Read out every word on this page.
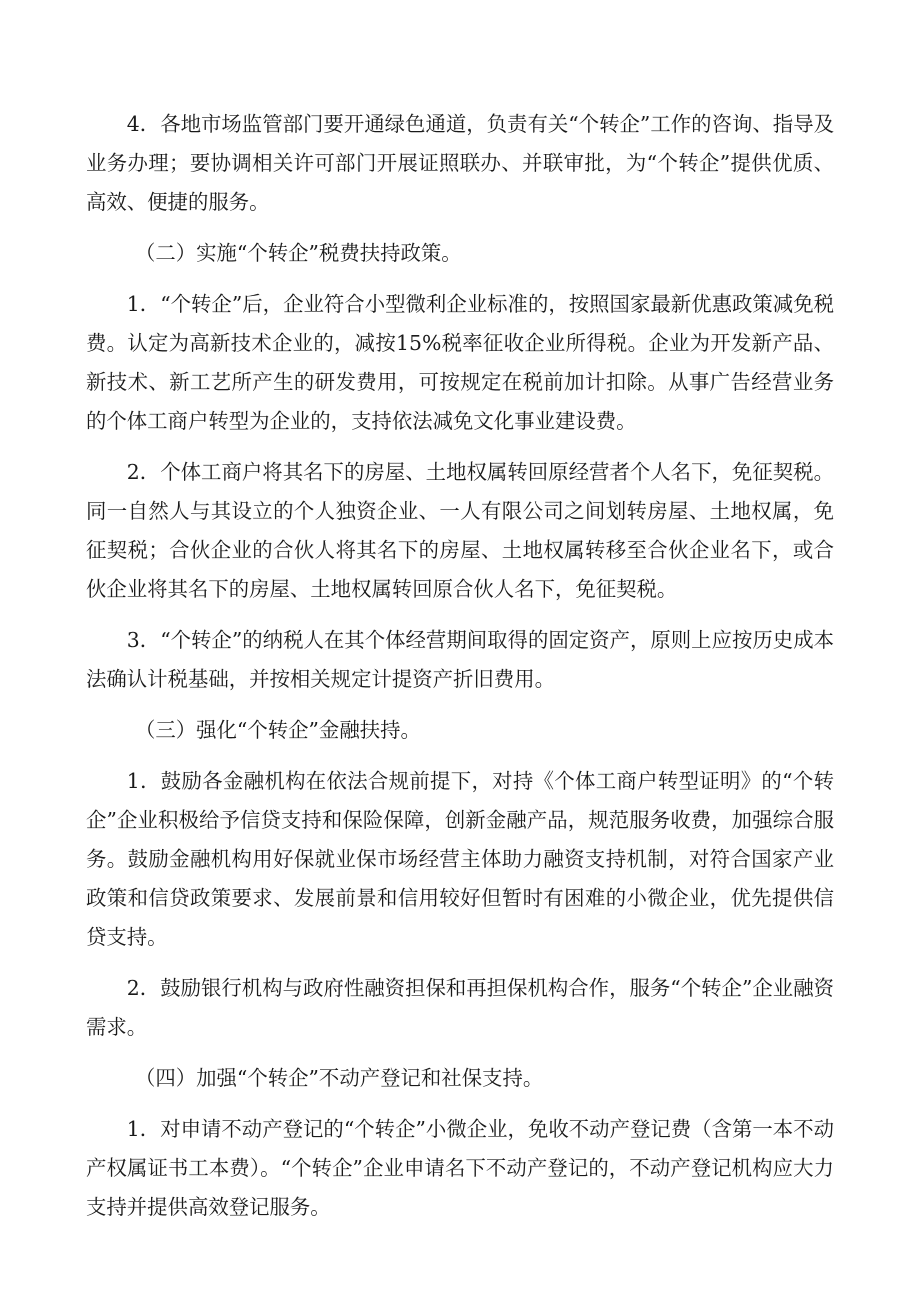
4．各地市场监管部门要开通绿色通道，负责有关“个转企”工作的咨询、指导及业务办理；要协调相关许可部门开展证照联办、并联审批，为“个转企”提供优质、高效、便捷的服务。

（二）实施“个转企”税费扶持政策。

1．“个转企”后，企业符合小型微利企业标准的，按照国家最新优惠政策减免税费。认定为高新技术企业的，减按15%税率征收企业所得税。企业为开发新产品、新技术、新工艺所产生的研发费用，可按规定在税前加计扣除。从事广告经营业务的个体工商户转型为企业的，支持依法减免文化事业建设费。

2．个体工商户将其名下的房屋、土地权属转回原经营者个人名下，免征契税。同一自然人与其设立的个人独资企业、一人有限公司之间划转房屋、土地权属，免征契税；合伙企业的合伙人将其名下的房屋、土地权属转移至合伙企业名下，或合伙企业将其名下的房屋、土地权属转回原合伙人名下，免征契税。

3．“个转企”的纳税人在其个体经营期间取得的固定资产，原则上应按历史成本法确认计税基础，并按相关规定计提资产折旧费用。

（三）强化“个转企”金融扶持。

1．鼓励各金融机构在依法合规前提下，对持《个体工商户转型证明》的“个转企”企业积极给予信贷支持和保险保障，创新金融产品，规范服务收费，加强综合服务。鼓励金融机构用好保就业保市场经营主体助力融资支持机制，对符合国家产业政策和信贷政策要求、发展前景和信用较好但暂时有困难的小微企业，优先提供信贷支持。

2．鼓励银行机构与政府性融资担保和再担保机构合作，服务“个转企”企业融资需求。

（四）加强“个转企”不动产登记和社保支持。

1．对申请不动产登记的“个转企”小微企业，免收不动产登记费（含第一本不动产权属证书工本费）。“个转企”企业申请名下不动产登记的，不动产登记机构应大力支持并提供高效登记服务。
